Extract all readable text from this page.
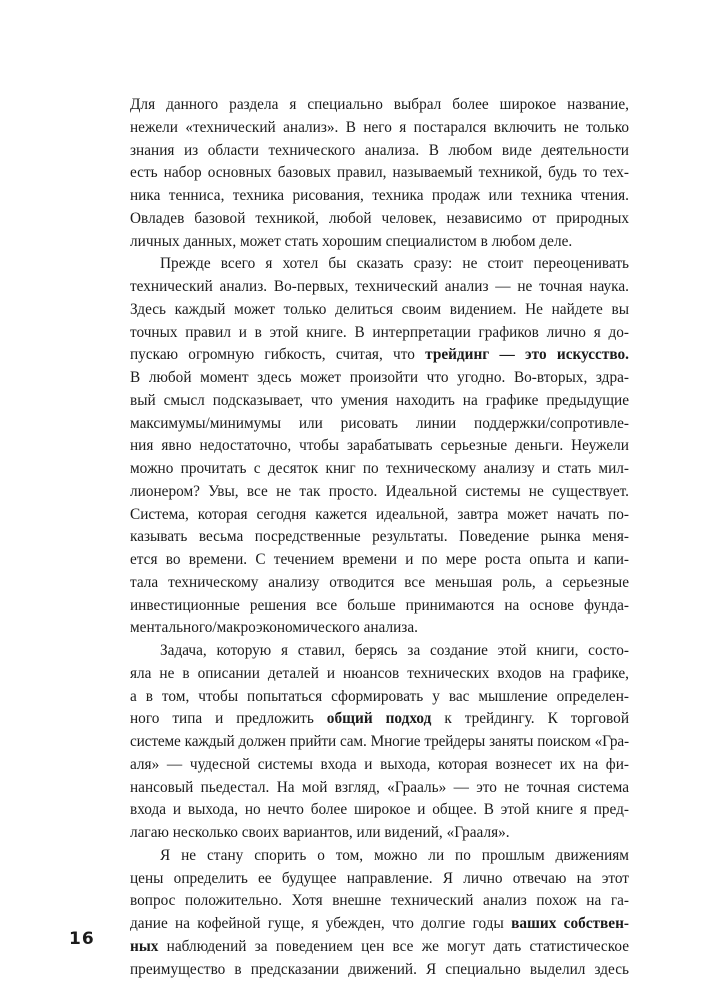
Для данного раздела я специально выбрал более широкое название,
нежели «технический анализ». В него я постарался включить не только
знания из области технического анализа. В любом виде деятельности
есть набор основных базовых правил, называемый техникой, будь то тех-
ника тенниса, техника рисования, техника продаж или техника чтения.
Овладев базовой техникой, любой человек, независимо от природных
личных данных, может стать хорошим специалистом в любом деле.
Прежде всего я хотел бы сказать сразу: не стоит переоценивать
технический анализ. Во-первых, технический анализ — не точная наука.
Здесь каждый может только делиться своим видением. Не найдете вы
точных правил и в этой книге. В интерпретации графиков лично я до-
пускаю огромную гибкость, считая, что трейдинг — это искусство.
В любой момент здесь может произойти что угодно. Во-вторых, здра-
вый смысл подсказывает, что умения находить на графике предыдущие
максимумы/минимумы или рисовать линии поддержки/сопротивле-
ния явно недостаточно, чтобы зарабатывать серьезные деньги. Неужели
можно прочитать с десяток книг по техническому анализу и стать мил-
лионером? Увы, все не так просто. Идеальной системы не существует.
Система, которая сегодня кажется идеальной, завтра может начать по-
казывать весьма посредственные результаты. Поведение рынка меня-
ется во времени. С течением времени и по мере роста опыта и капи-
тала техническому анализу отводится все меньшая роль, а серьезные
инвестиционные решения все больше принимаются на основе фунда-
ментального/макроэкономического анализа.
Задача, которую я ставил, берясь за создание этой книги, состо-
яла не в описании деталей и нюансов технических входов на графике,
а в том, чтобы попытаться сформировать у вас мышление определен-
ного типа и предложить общий подход к трейдингу. К торговой
системе каждый должен прийти сам. Многие трейдеры заняты поиском «Гра-
аля» — чудесной системы входа и выхода, которая вознесет их на фи-
нансовый пьедестал. На мой взгляд, «Грааль» — это не точная система
входа и выхода, но нечто более широкое и общее. В этой книге я пред-
лагаю несколько своих вариантов, или видений, «Грааля».
Я не стану спорить о том, можно ли по прошлым движениям
цены определить ее будущее направление. Я лично отвечаю на этот
вопрос положительно. Хотя внешне технический анализ похож на га-
дание на кофейной гуще, я убежден, что долгие годы ваших собствен-
ных наблюдений за поведением цен все же могут дать статистическое
преимущество в предсказании движений. Я специально выделил здесь
16
